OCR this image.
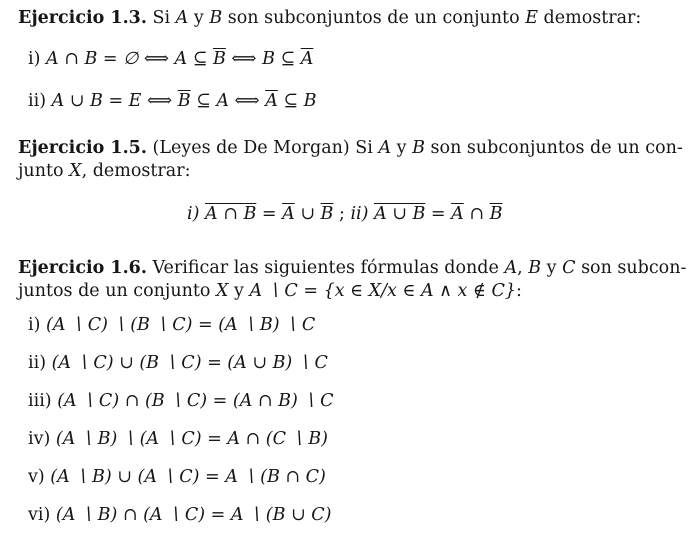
Ejercicio 1.3. Si A y B son subconjuntos de un conjunto E demostrar:
i) A ∩ B = ∅ ⟺ A ⊆ $\overline{B}$ ⟺ B ⊆ $\overline{A}$
ii) A ∪ B = E ⟺ $\overline{B}$ ⊆ A ⟺ $\overline{A}$ ⊆ B
Ejercicio 1.5. (Leyes de De Morgan) Si A y B son subconjuntos de un con-
junto X, demostrar:
i) A ∩ $B = \overline{A}$ ∪ $\overline{B}$ ; ii) A ∪ $B = \overline{A}$ ∩ $\overline{B}$
Ejercicio 1.6. Verificar las siguientes fórmulas donde A, B y C son subcon-
juntos de un conjunto X y A ∖ C = {x ∈ X/x ∈ A ∧ x ∉ C}:
i) (A ∖ C) ∖ (B ∖ C) = (A ∖ B) ∖ C
ii) (A ∖ C) ∪ (B ∖ C) = (A ∪ B) ∖ C
iii) (A ∖ C) ∩ (B ∖ C) = (A ∩ B) ∖ C
iv) (A ∖ B) ∖ (A ∖ C) = A ∩ (C ∖ B)
v) (A ∖ B) ∪ (A ∖ C) = A ∖ (B ∩ C)
vi) (A ∖ B) ∩ (A ∖ C) = A ∖ (B ∪ C)
